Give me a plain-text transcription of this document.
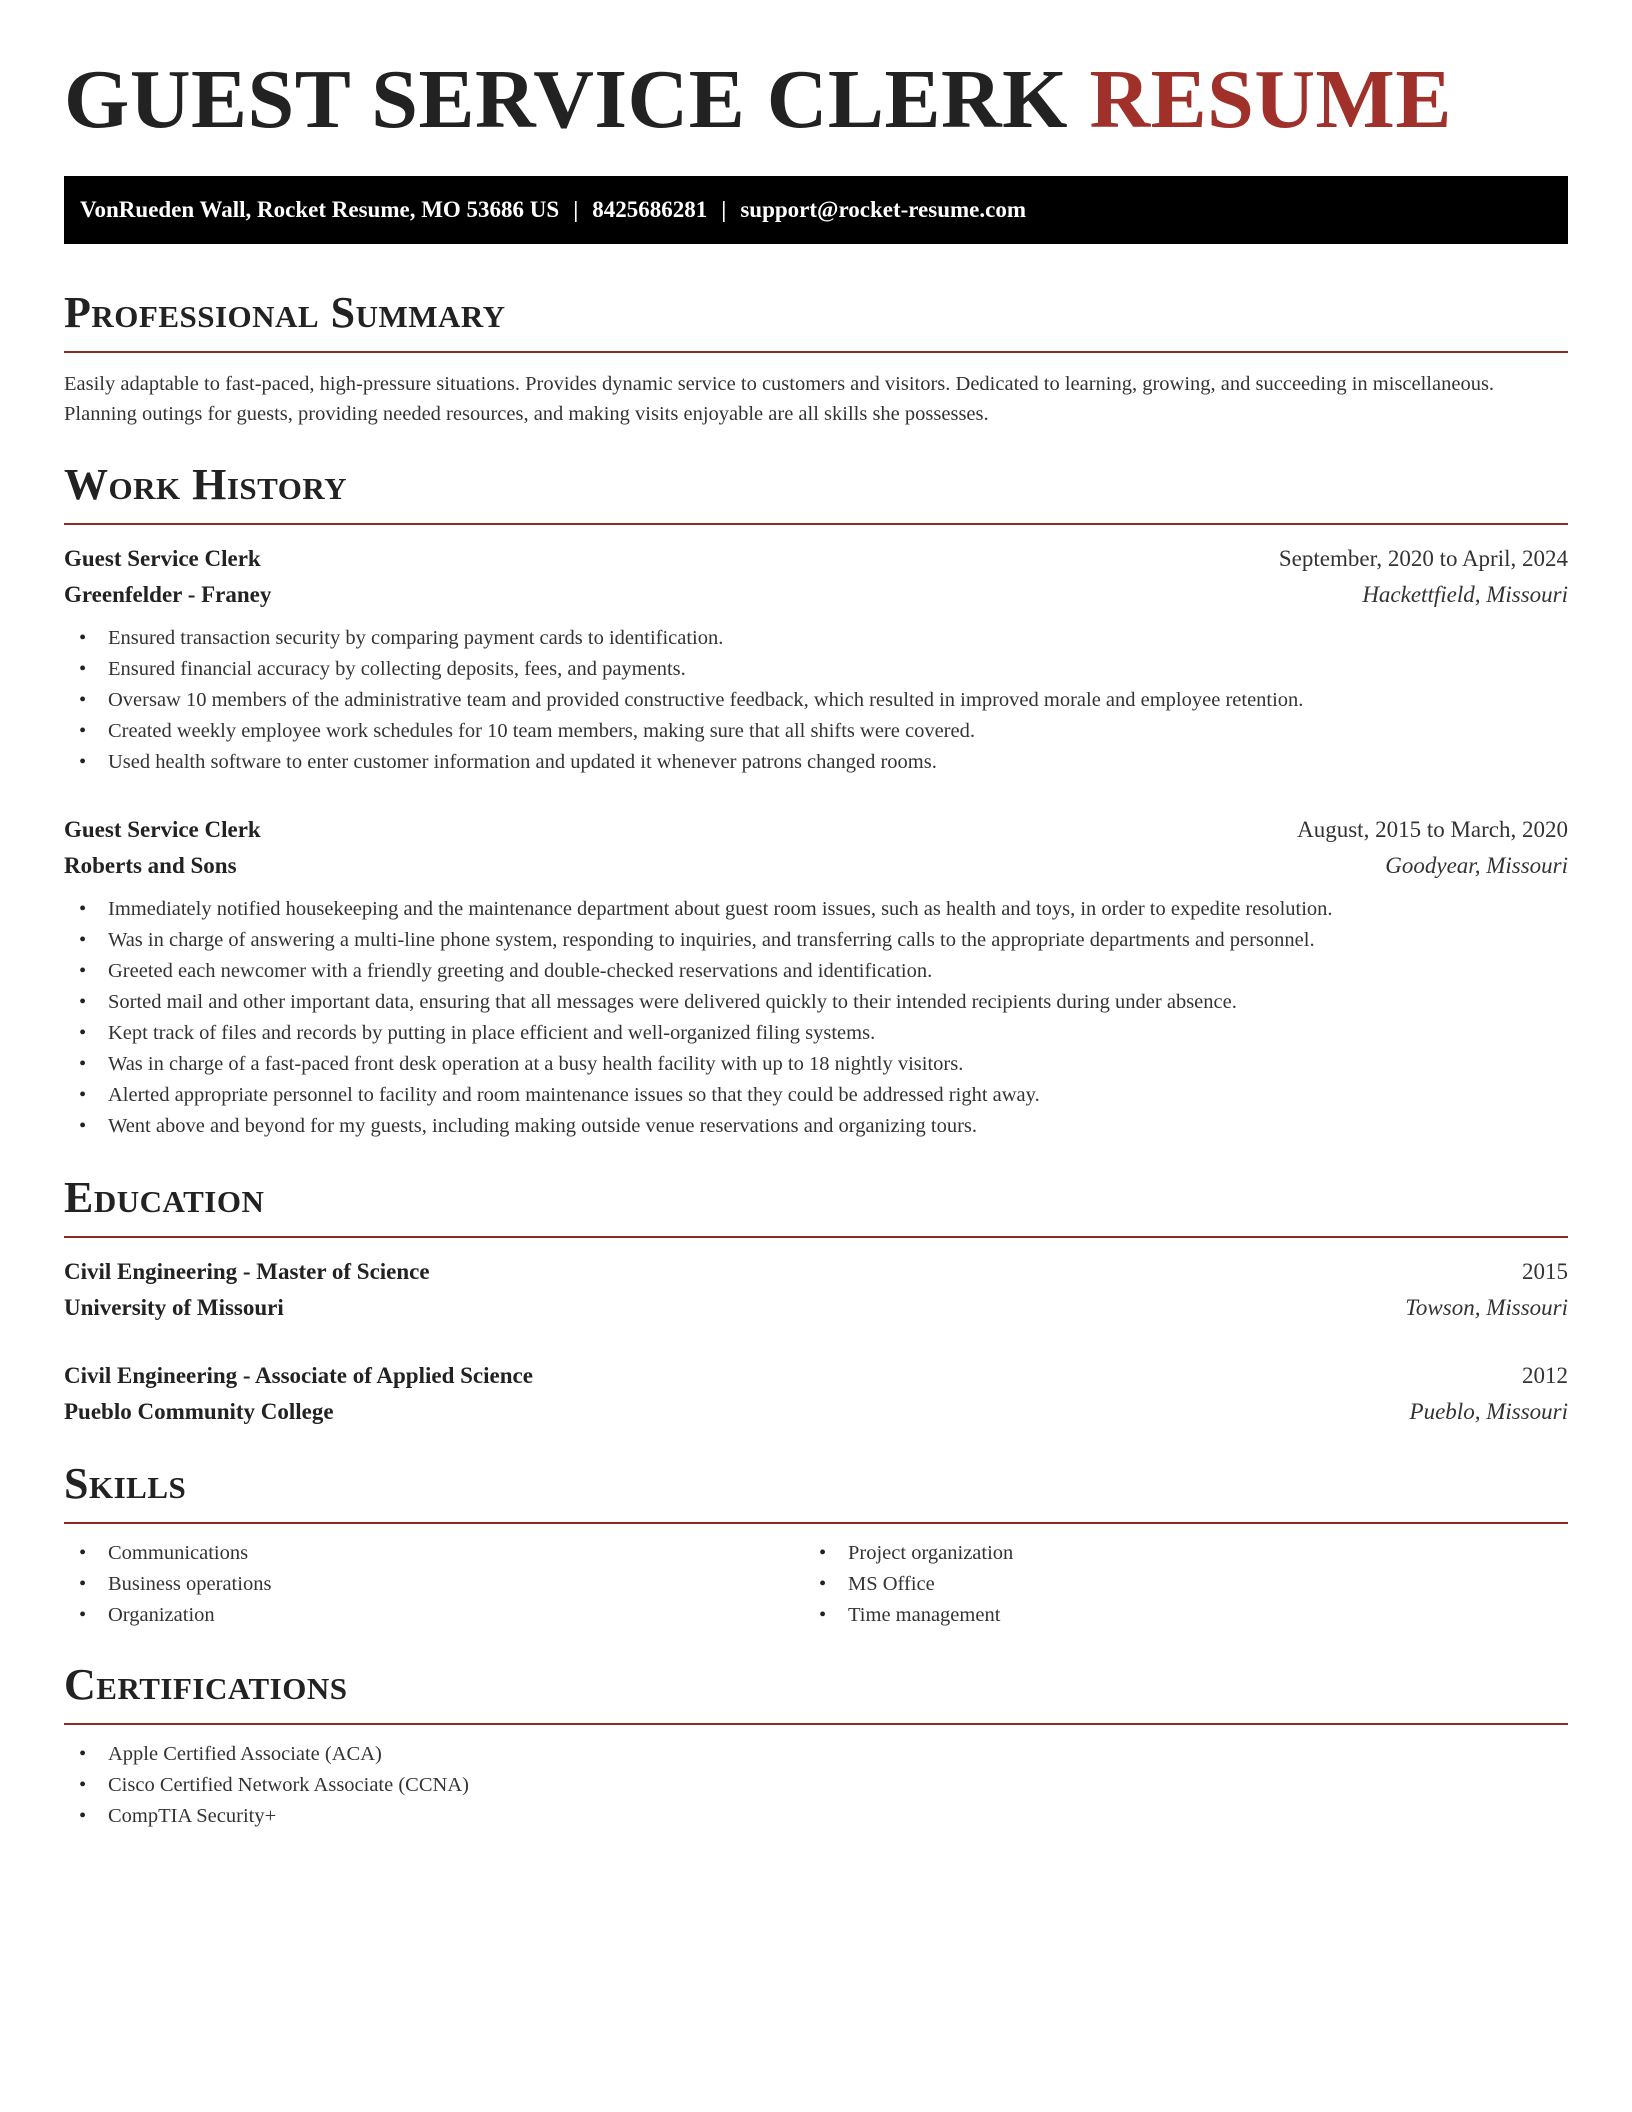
GUEST SERVICE CLERK RESUME
VonRueden Wall, Rocket Resume, MO 53686 US | 8425686281 | support@rocket-resume.com
Professional Summary
Easily adaptable to fast-paced, high-pressure situations. Provides dynamic service to customers and visitors. Dedicated to learning, growing, and succeeding in miscellaneous. Planning outings for guests, providing needed resources, and making visits enjoyable are all skills she possesses.
Work History
Guest Service Clerk	September, 2020 to April, 2024
Greenfelder - Franey	Hackettfield, Missouri
• Ensured transaction security by comparing payment cards to identification.
• Ensured financial accuracy by collecting deposits, fees, and payments.
• Oversaw 10 members of the administrative team and provided constructive feedback, which resulted in improved morale and employee retention.
• Created weekly employee work schedules for 10 team members, making sure that all shifts were covered.
• Used health software to enter customer information and updated it whenever patrons changed rooms.
Guest Service Clerk	August, 2015 to March, 2020
Roberts and Sons	Goodyear, Missouri
• Immediately notified housekeeping and the maintenance department about guest room issues, such as health and toys, in order to expedite resolution.
• Was in charge of answering a multi-line phone system, responding to inquiries, and transferring calls to the appropriate departments and personnel.
• Greeted each newcomer with a friendly greeting and double-checked reservations and identification.
• Sorted mail and other important data, ensuring that all messages were delivered quickly to their intended recipients during under absence.
• Kept track of files and records by putting in place efficient and well-organized filing systems.
• Was in charge of a fast-paced front desk operation at a busy health facility with up to 18 nightly visitors.
• Alerted appropriate personnel to facility and room maintenance issues so that they could be addressed right away.
• Went above and beyond for my guests, including making outside venue reservations and organizing tours.
Education
Civil Engineering - Master of Science	2015
University of Missouri	Towson, Missouri
Civil Engineering - Associate of Applied Science	2012
Pueblo Community College	Pueblo, Missouri
Skills
• Communications
• Business operations
• Organization
• Project organization
• MS Office
• Time management
Certifications
• Apple Certified Associate (ACA)
• Cisco Certified Network Associate (CCNA)
• CompTIA Security+
